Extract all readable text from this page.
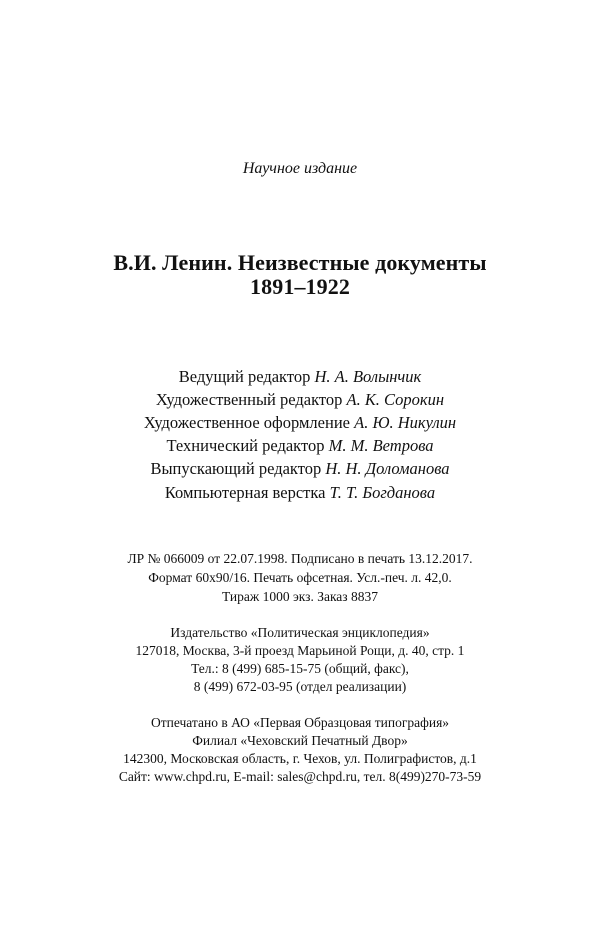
Научное издание
В.И. Ленин. Неизвестные документы
1891–1922
Ведущий редактор Н. А. Волынчик
Художественный редактор А. К. Сорокин
Художественное оформление А. Ю. Никулин
Технический редактор М. М. Ветрова
Выпускающий редактор Н. Н. Доломанова
Компьютерная верстка Т. Т. Богданова
ЛР № 066009 от 22.07.1998. Подписано в печать 13.12.2017.
Формат 60x90/16. Печать офсетная. Усл.-печ. л. 42,0.
Тираж 1000 экз. Заказ 8837
Издательство «Политическая энциклопедия»
127018, Москва, 3-й проезд Марьиной Рощи, д. 40, стр. 1
Тел.: 8 (499) 685-15-75 (общий, факс),
8 (499) 672-03-95 (отдел реализации)
Отпечатано в АО «Первая Образцовая типография»
Филиал «Чеховский Печатный Двор»
142300, Московская область, г. Чехов, ул. Полиграфистов, д.1
Сайт: www.chpd.ru, E-mail: sales@chpd.ru, тел. 8(499)270-73-59
